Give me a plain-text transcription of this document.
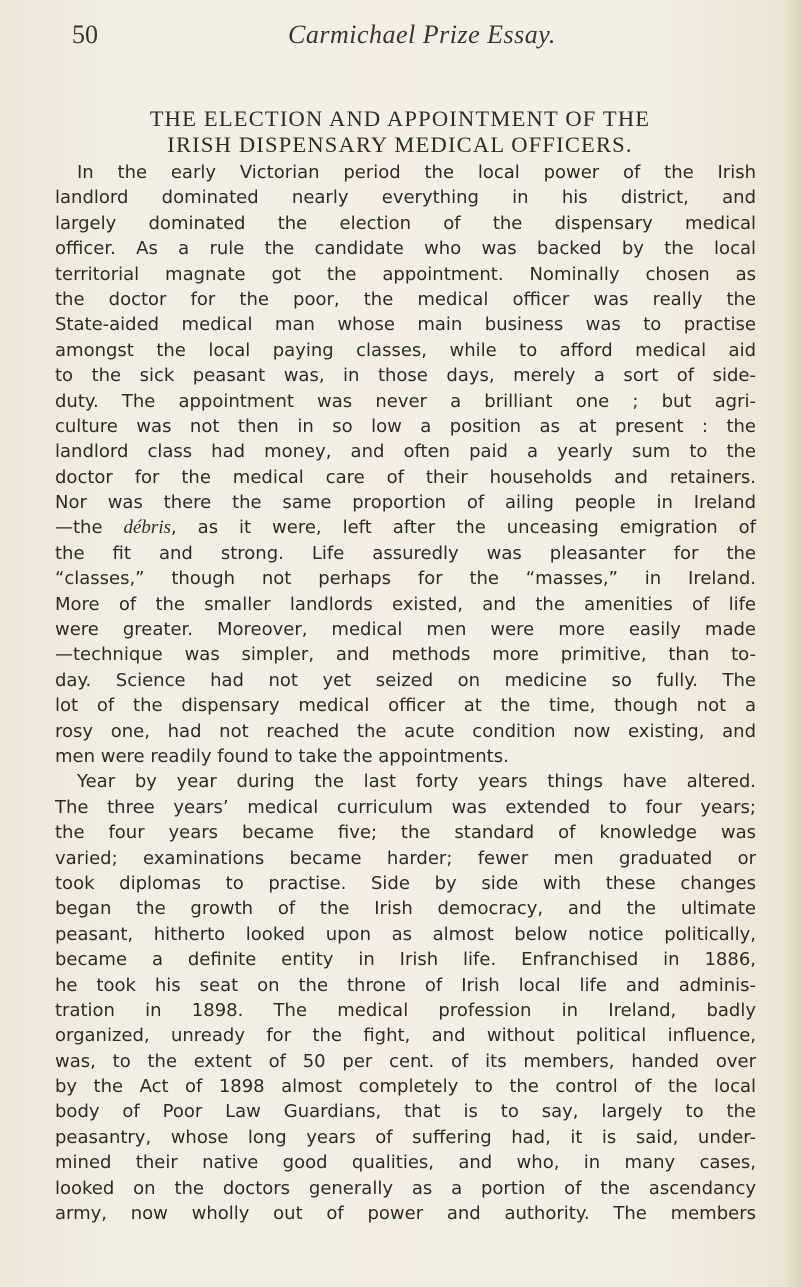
50	Carmichael Prize Essay.
THE ELECTION AND APPOINTMENT OF THE
IRISH DISPENSARY MEDICAL OFFICERS.
In the early Victorian period the local power of the Irish
landlord dominated nearly everything in his district, and
largely dominated the election of the dispensary medical
officer. As a rule the candidate who was backed by the local
territorial magnate got the appointment. Nominally chosen as
the doctor for the poor, the medical officer was really the
State-aided medical man whose main business was to practise
amongst the local paying classes, while to afford medical aid
to the sick peasant was, in those days, merely a sort of side-
duty. The appointment was never a brilliant one ; but agri-
culture was not then in so low a position as at present : the
landlord class had money, and often paid a yearly sum to the
doctor for the medical care of their households and retainers.
Nor was there the same proportion of ailing people in Ireland
—the débris, as it were, left after the unceasing emigration of
the fit and strong. Life assuredly was pleasanter for the
“classes,” though not perhaps for the “masses,” in Ireland.
More of the smaller landlords existed, and the amenities of life
were greater. Moreover, medical men were more easily made
—technique was simpler, and methods more primitive, than to-
day. Science had not yet seized on medicine so fully. The
lot of the dispensary medical officer at the time, though not a
rosy one, had not reached the acute condition now existing, and
men were readily found to take the appointments.
Year by year during the last forty years things have altered.
The three years’ medical curriculum was extended to four years;
the four years became five; the standard of knowledge was
varied; examinations became harder; fewer men graduated or
took diplomas to practise. Side by side with these changes
began the growth of the Irish democracy, and the ultimate
peasant, hitherto looked upon as almost below notice politically,
became a definite entity in Irish life. Enfranchised in 1886,
he took his seat on the throne of Irish local life and adminis-
tration in 1898. The medical profession in Ireland, badly
organized, unready for the fight, and without political influence,
was, to the extent of 50 per cent. of its members, handed over
by the Act of 1898 almost completely to the control of the local
body of Poor Law Guardians, that is to say, largely to the
peasantry, whose long years of suffering had, it is said, under-
mined their native good qualities, and who, in many cases,
looked on the doctors generally as a portion of the ascendancy
army, now wholly out of power and authority. The members
